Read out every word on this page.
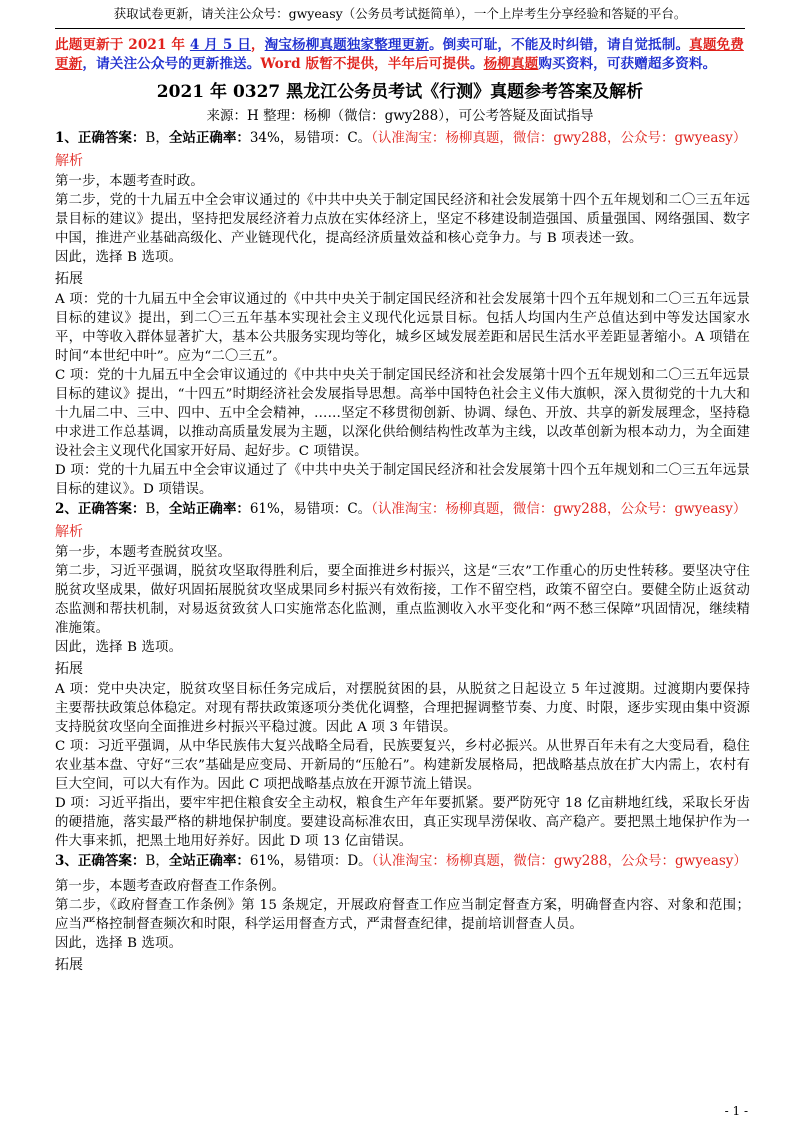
获取试卷更新，请关注公众号：gwyeasy（公务员考试挺简单），一个上岸考生分享经验和答疑的平台。
此题更新于 2021 年 4 月 5 日，淘宝杨柳真题独家整理更新。倒卖可耻，不能及时纠错，请自觉抵制。真题免费更新，请关注公众号的更新推送。Word 版暂不提供，半年后可提供。杨柳真题购买资料，可获赠超多资料。
2021 年 0327 黑龙江公务员考试《行测》真题参考答案及解析
来源：H 整理：杨柳（微信：gwy288），可公考答疑及面试指导

1、正确答案：B，全站正确率：34%，易错项：C。（认准淘宝：杨柳真题，微信：gwy288，公众号：gwyeasy）

解析

第一步，本题考查时政。

第二步，党的十九届五中全会审议通过的《中共中央关于制定国民经济和社会发展第十四个五年规划和二〇三五年远景目标的建议》提出，坚持把发展经济着力点放在实体经济上，坚定不移建设制造强国、质量强国、网络强国、数字中国，推进产业基础高级化、产业链现代化，提高经济质量效益和核心竞争力。与 B 项表述一致。

因此，选择 B 选项。

拓展

A 项：党的十九届五中全会审议通过的《中共中央关于制定国民经济和社会发展第十四个五年规划和二〇三五年远景目标的建议》提出，到二〇三五年基本实现社会主义现代化远景目标。包括人均国内生产总值达到中等发达国家水平，中等收入群体显著扩大，基本公共服务实现均等化，城乡区域发展差距和居民生活水平差距显著缩小。A 项错在时间“本世纪中叶”。应为“二〇三五”。

C 项：党的十九届五中全会审议通过的《中共中央关于制定国民经济和社会发展第十四个五年规划和二〇三五年远景目标的建议》提出，“十四五”时期经济社会发展指导思想。高举中国特色社会主义伟大旗帜，深入贯彻党的十九大和十九届二中、三中、四中、五中全会精神，……坚定不移贯彻创新、协调、绿色、开放、共享的新发展理念，坚持稳中求进工作总基调，以推动高质量发展为主题，以深化供给侧结构性改革为主线，以改革创新为根本动力，为全面建设社会主义现代化国家开好局、起好步。C 项错误。

D 项：党的十九届五中全会审议通过了《中共中央关于制定国民经济和社会发展第十四个五年规划和二〇三五年远景目标的建议》。D 项错误。

2、正确答案：B，全站正确率：61%，易错项：C。（认准淘宝：杨柳真题，微信：gwy288，公众号：gwyeasy）

解析

第一步，本题考查脱贫攻坚。

第二步，习近平强调，脱贫攻坚取得胜利后，要全面推进乡村振兴，这是“三农”工作重心的历史性转移。要坚决守住脱贫攻坚成果，做好巩固拓展脱贫攻坚成果同乡村振兴有效衔接，工作不留空档，政策不留空白。要健全防止返贫动态监测和帮扶机制，对易返贫致贫人口实施常态化监测，重点监测收入水平变化和“两不愁三保障”巩固情况，继续精准施策。

因此，选择 B 选项。

拓展

A 项：党中央决定，脱贫攻坚目标任务完成后，对摆脱贫困的县，从脱贫之日起设立 5 年过渡期。过渡期内要保持主要帮扶政策总体稳定。对现有帮扶政策逐项分类优化调整，合理把握调整节奏、力度、时限，逐步实现由集中资源支持脱贫攻坚向全面推进乡村振兴平稳过渡。因此 A 项 3 年错误。

C 项：习近平强调，从中华民族伟大复兴战略全局看，民族要复兴，乡村必振兴。从世界百年未有之大变局看，稳住农业基本盘、守好“三农”基础是应变局、开新局的“压舱石”。构建新发展格局，把战略基点放在扩大内需上，农村有巨大空间，可以大有作为。因此 C 项把战略基点放在开源节流上错误。

D 项：习近平指出，要牢牢把住粮食安全主动权，粮食生产年年要抓紧。要严防死守 18 亿亩耕地红线，采取长牙齿的硬措施，落实最严格的耕地保护制度。要建设高标准农田，真正实现旱涝保收、高产稳产。要把黑土地保护作为一件大事来抓，把黑土地用好养好。因此 D 项 13 亿亩错误。

3、正确答案：B，全站正确率：61%，易错项：D。（认准淘宝：杨柳真题，微信：gwy288，公众号：gwyeasy）

第一步，本题考查政府督查工作条例。

第二步，《政府督查工作条例》第 15 条规定，开展政府督查工作应当制定督查方案，明确督查内容、对象和范围；应当严格控制督查频次和时限，科学运用督查方式，严肃督查纪律，提前培训督查人员。

因此，选择 B 选项。

拓展
- 1 -
